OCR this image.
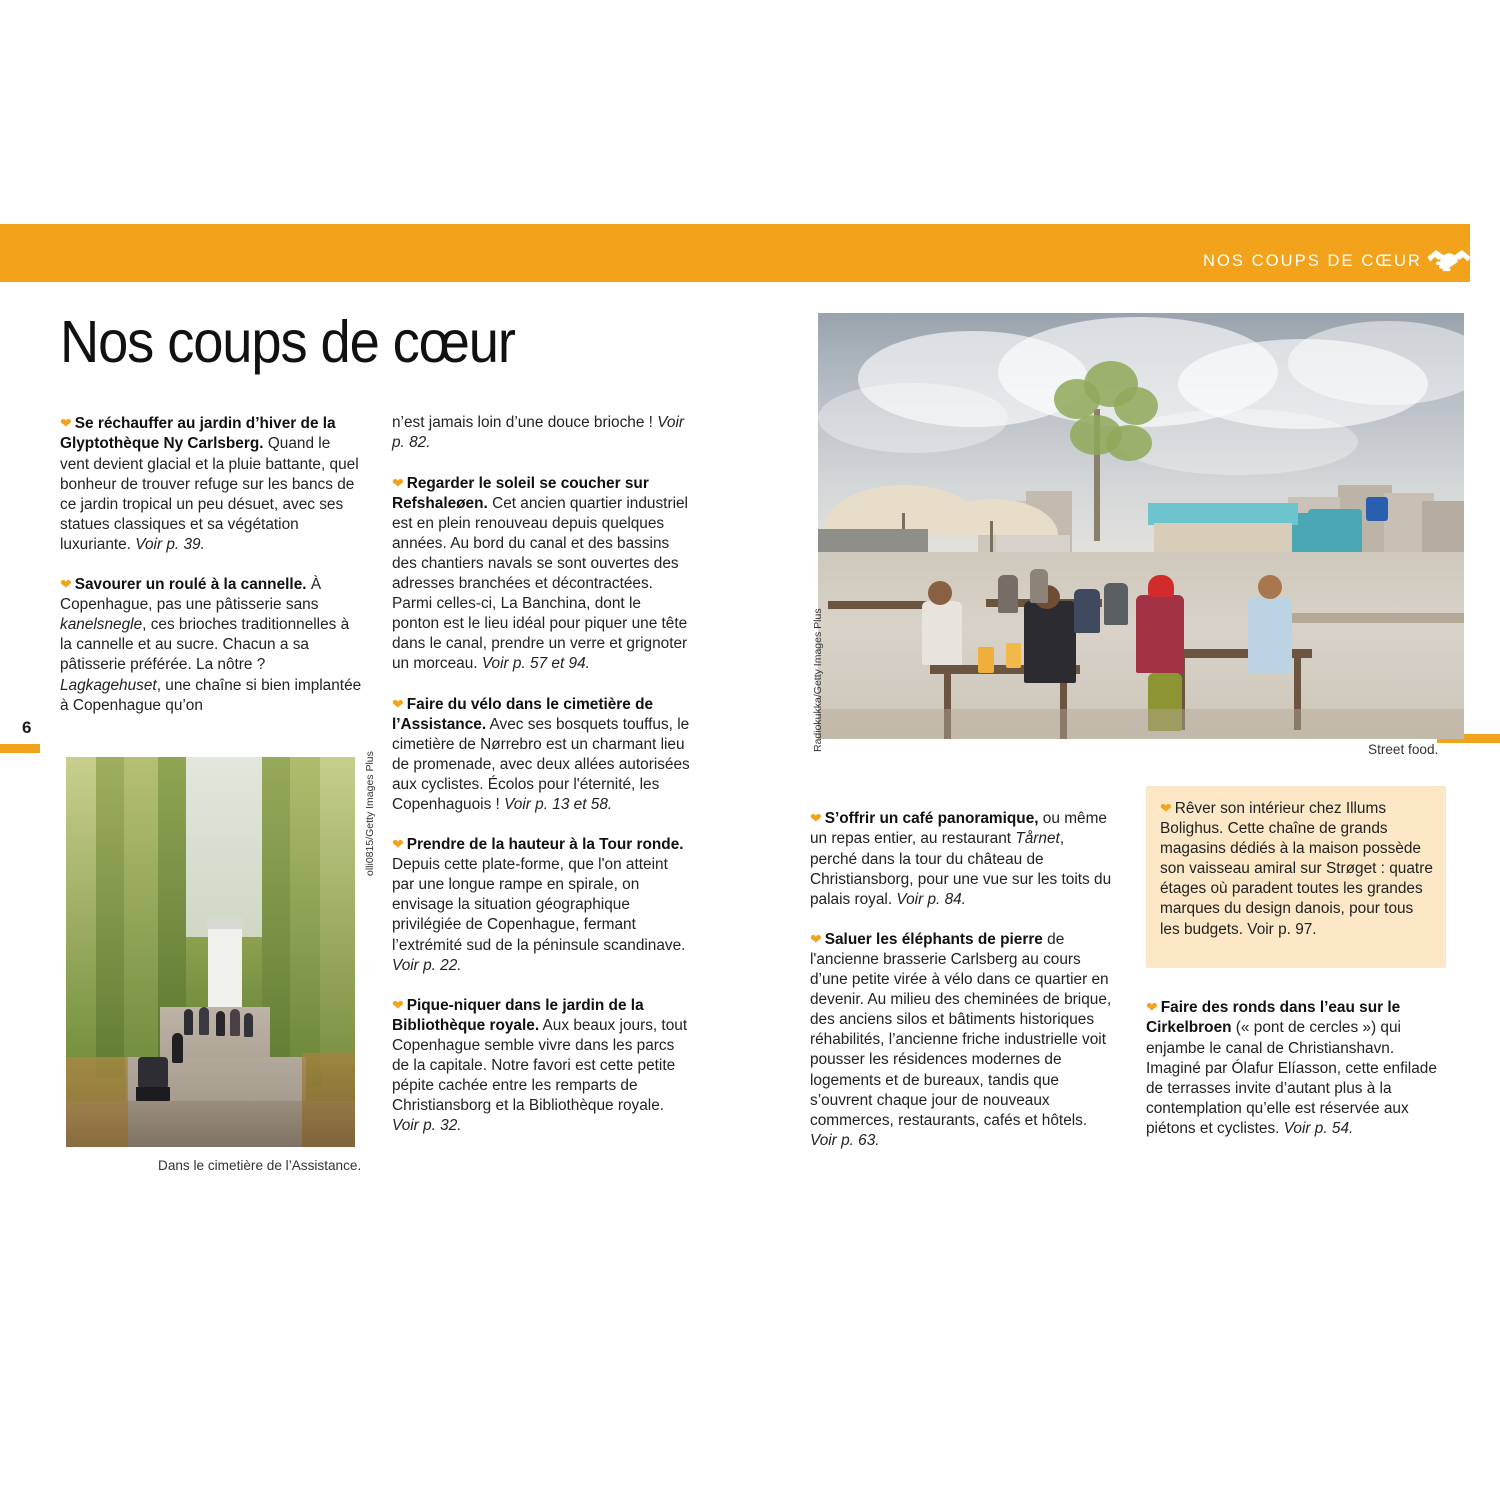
NOS COUPS DE CŒUR
6
Nos coups de cœur

❤ Se réchauffer au jardin d’hiver de la Glyptothèque Ny Carlsberg. Quand le vent devient glacial et la pluie battante, quel bonheur de trouver refuge sur les bancs de ce jardin tropical un peu désuet, avec ses statues classiques et sa végétation luxuriante. Voir p. 39.

❤ Savourer un roulé à la cannelle. À Copenhague, pas une pâtisserie sans kanelsnegle, ces brioches traditionnelles à la cannelle et au sucre. Chacun a sa pâtisserie préférée. La nôtre ? Lagkagehuset, une chaîne si bien implantée à Copenhague qu’on

n’est jamais loin d’une douce brioche ! Voir p. 82.

❤ Regarder le soleil se coucher sur Refshaleøen. Cet ancien quartier industriel est en plein renouveau depuis quelques années. Au bord du canal et des bassins des chantiers navals se sont ouvertes des adresses branchées et décontractées. Parmi celles-ci, La Banchina, dont le ponton est le lieu idéal pour piquer une tête dans le canal, prendre un verre et grignoter un morceau. Voir p. 57 et 94.

❤ Faire du vélo dans le cimetière de l’Assistance. Avec ses bosquets touffus, le cimetière de Nørrebro est un charmant lieu de promenade, avec deux allées autorisées aux cyclistes. Écolos pour l'éternité, les Copenhaguois ! Voir p. 13 et 58.

❤ Prendre de la hauteur à la Tour ronde. Depuis cette plate-forme, que l'on atteint par une longue rampe en spirale, on envisage la situation géographique privilégiée de Copenhague, fermant l’extrémité sud de la péninsule scandinave. Voir p. 22.

❤ Pique-niquer dans le jardin de la Bibliothèque royale. Aux beaux jours, tout Copenhague semble vivre dans les parcs de la capitale. Notre favori est cette petite pépite cachée entre les remparts de Christiansborg et la Bibliothèque royale. Voir p. 32.

olli0815/Getty Images Plus
Dans le cimetière de l’Assistance.
Radiokukka/Getty Images Plus	Street food.

❤ S’offrir un café panoramique, ou même un repas entier, au restaurant Tårnet, perché dans la tour du château de Christiansborg, pour une vue sur les toits du palais royal. Voir p. 84.

❤ Saluer les éléphants de pierre de l'ancienne brasserie Carlsberg au cours d’une petite virée à vélo dans ce quartier en devenir. Au milieu des cheminées de brique, des anciens silos et bâtiments historiques réhabilités, l’ancienne friche industrielle voit pousser les résidences modernes de logements et de bureaux, tandis que s’ouvrent chaque jour de nouveaux commerces, restaurants, cafés et hôtels. Voir p. 63.

❤ Rêver son intérieur chez Illums Bolighus. Cette chaîne de grands magasins dédiés à la maison possède son vaisseau amiral sur Strøget : quatre étages où paradent toutes les grandes marques du design danois, pour tous les budgets. Voir p. 97.

❤ Faire des ronds dans l’eau sur le Cirkelbroen (« pont de cercles ») qui enjambe le canal de Christianshavn. Imaginé par Ólafur Elíasson, cette enfilade de terrasses invite d’autant plus à la contemplation qu’elle est réservée aux piétons et cyclistes. Voir p. 54.
